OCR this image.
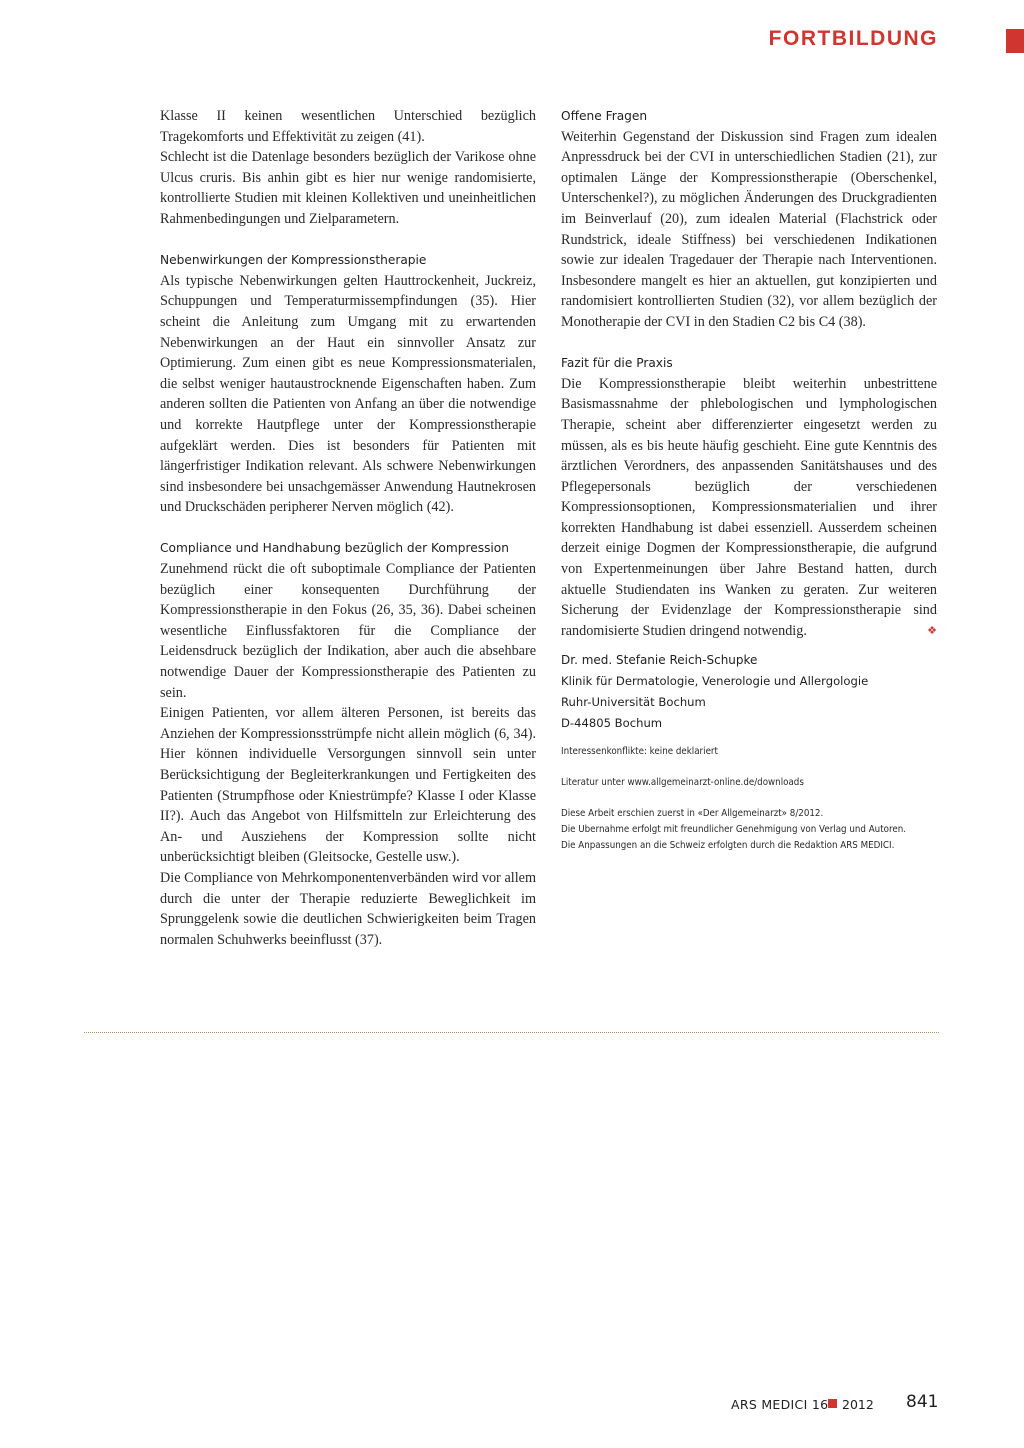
FORTBILDUNG

Klasse II keinen wesentlichen Unterschied bezüglich Tragekomforts und Effektivität zu zeigen (41).

Schlecht ist die Datenlage besonders bezüglich der Varikose ohne Ulcus cruris. Bis anhin gibt es hier nur wenige randomisierte, kontrollierte Studien mit kleinen Kollektiven und uneinheitlichen Rahmenbedingungen und Zielparametern.

Nebenwirkungen der Kompressionstherapie

Als typische Nebenwirkungen gelten Hauttrockenheit, Juckreiz, Schuppungen und Temperaturmissempfindungen (35). Hier scheint die Anleitung zum Umgang mit zu erwartenden Nebenwirkungen an der Haut ein sinnvoller Ansatz zur Optimierung. Zum einen gibt es neue Kompressionsmaterialen, die selbst weniger hautaustrocknende Eigenschaften haben. Zum anderen sollten die Patienten von Anfang an über die notwendige und korrekte Hautpflege unter der Kompressionstherapie aufgeklärt werden. Dies ist besonders für Patienten mit längerfristiger Indikation relevant. Als schwere Nebenwirkungen sind insbesondere bei unsachgemässer Anwendung Hautnekrosen und Druckschäden peripherer Nerven möglich (42).

Compliance und Handhabung bezüglich der Kompression

Zunehmend rückt die oft suboptimale Compliance der Patienten bezüglich einer konsequenten Durchführung der Kompressionstherapie in den Fokus (26, 35, 36). Dabei scheinen wesentliche Einflussfaktoren für die Compliance der Leidensdruck bezüglich der Indikation, aber auch die absehbare notwendige Dauer der Kompressionstherapie des Patienten zu sein.

Einigen Patienten, vor allem älteren Personen, ist bereits das Anziehen der Kompressionsstrümpfe nicht allein möglich (6, 34). Hier können individuelle Versorgungen sinnvoll sein unter Berücksichtigung der Begleiterkrankungen und Fertigkeiten des Patienten (Strumpfhose oder Kniestrümpfe? Klasse I oder Klasse II?). Auch das Angebot von Hilfsmitteln zur Erleichterung des An- und Ausziehens der Kompression sollte nicht unberücksichtigt bleiben (Gleitsocke, Gestelle usw.).

Die Compliance von Mehrkomponentenverbänden wird vor allem durch die unter der Therapie reduzierte Beweglichkeit im Sprunggelenk sowie die deutlichen Schwierigkeiten beim Tragen normalen Schuhwerks beeinflusst (37).

Offene Fragen

Weiterhin Gegenstand der Diskussion sind Fragen zum idealen Anpressdruck bei der CVI in unterschiedlichen Stadien (21), zur optimalen Länge der Kompressionstherapie (Oberschenkel, Unterschenkel?), zu möglichen Änderungen des Druckgradienten im Beinverlauf (20), zum idealen Material (Flachstrick oder Rundstrick, ideale Stiffness) bei verschiedenen Indikationen sowie zur idealen Tragedauer der Therapie nach Interventionen. Insbesondere mangelt es hier an aktuellen, gut konzipierten und randomisiert kontrollierten Studien (32), vor allem bezüglich der Monotherapie der CVI in den Stadien C2 bis C4 (38).

Fazit für die Praxis

Die Kompressionstherapie bleibt weiterhin unbestrittene Basismassnahme der phlebologischen und lymphologischen Therapie, scheint aber differenzierter eingesetzt werden zu müssen, als es bis heute häufig geschieht. Eine gute Kenntnis des ärztlichen Verordners, des anpassenden Sanitätshauses und des Pflegepersonals bezüglich der verschiedenen Kompressionsoptionen, Kompressionsmaterialien und ihrer korrekten Handhabung ist dabei essenziell. Ausserdem scheinen derzeit einige Dogmen der Kompressionstherapie, die aufgrund von Expertenmeinungen über Jahre Bestand hatten, durch aktuelle Studiendaten ins Wanken zu geraten. Zur weiteren Sicherung der Evidenzlage der Kompressionstherapie sind randomisierte Studien dringend notwendig.	❖

Dr. med. Stefanie Reich-Schupke

Klinik für Dermatologie, Venerologie und Allergologie

Ruhr-Universität Bochum

D-44805 Bochum

Interessenkonflikte: keine deklariert

Literatur unter www.allgemeinarzt-online.de/downloads

Diese Arbeit erschien zuerst in «Der Allgemeinarzt» 8/2012.

Die Übernahme erfolgt mit freundlicher Genehmigung von Verlag und Autoren.

Die Anpassungen an die Schweiz erfolgten durch die Redaktion ARS MEDICI.

ARS MEDICI 16 2012 841
